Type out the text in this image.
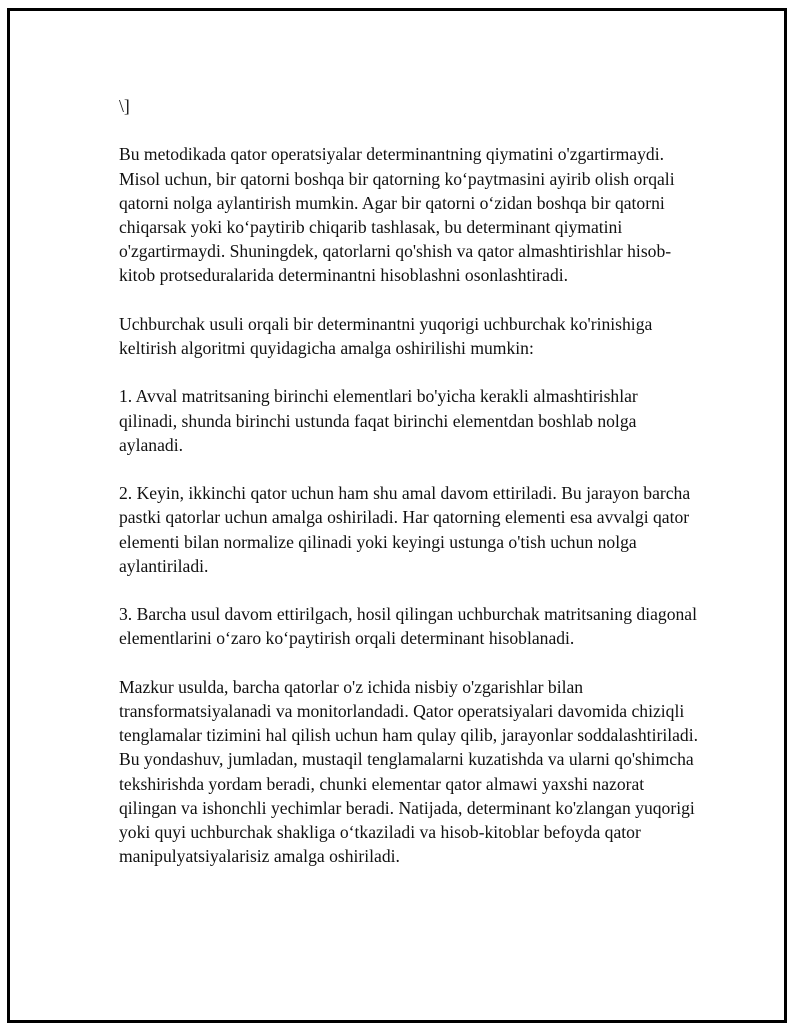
\]

Bu metodikada qator operatsiyalar determinantning qiymatini o'zgartirmaydi. Misol uchun, bir qatorni boshqa bir qatorning ko‘paytmasini ayirib olish orqali qatorni nolga aylantirish mumkin. Agar bir qatorni o‘zidan boshqa bir qatorni chiqarsak yoki ko‘paytirib chiqarib tashlasak, bu determinant qiymatini o'zgartirmaydi. Shuningdek, qatorlarni qo'shish va qator almashtirishlar hisob-kitob protseduralarida determinantni hisoblashni osonlashtiradi.

Uchburchak usuli orqali bir determinantni yuqorigi uchburchak ko'rinishiga keltirish algoritmi quyidagicha amalga oshirilishi mumkin:

1. Avval matritsaning birinchi elementlari bo'yicha kerakli almashtirishlar qilinadi, shunda birinchi ustunda faqat birinchi elementdan boshlab nolga aylanadi.

2. Keyin, ikkinchi qator uchun ham shu amal davom ettiriladi. Bu jarayon barcha pastki qatorlar uchun amalga oshiriladi. Har qatorning elementi esa avvalgi qator elementi bilan normalize qilinadi yoki keyingi ustunga o'tish uchun nolga aylantiriladi.

3. Barcha usul davom ettirilgach, hosil qilingan uchburchak matritsaning diagonal elementlarini o‘zaro ko‘paytirish orqali determinant hisoblanadi.

Mazkur usulda, barcha qatorlar o'z ichida nisbiy o'zgarishlar bilan transformatsiyalanadi va monitorlandadi. Qator operatsiyalari davomida chiziqli tenglamalar tizimini hal qilish uchun ham qulay qilib, jarayonlar soddalashtiriladi. Bu yondashuv, jumladan, mustaqil tenglamalarni kuzatishda va ularni qo'shimcha tekshirishda yordam beradi, chunki elementar qator almawi yaxshi nazorat qilingan va ishonchli yechimlar beradi. Natijada, determinant ko'zlangan yuqorigi yoki quyi uchburchak shakliga o‘tkaziladi va hisob-kitoblar befoyda qator manipulyatsiyalarisiz amalga oshiriladi.
